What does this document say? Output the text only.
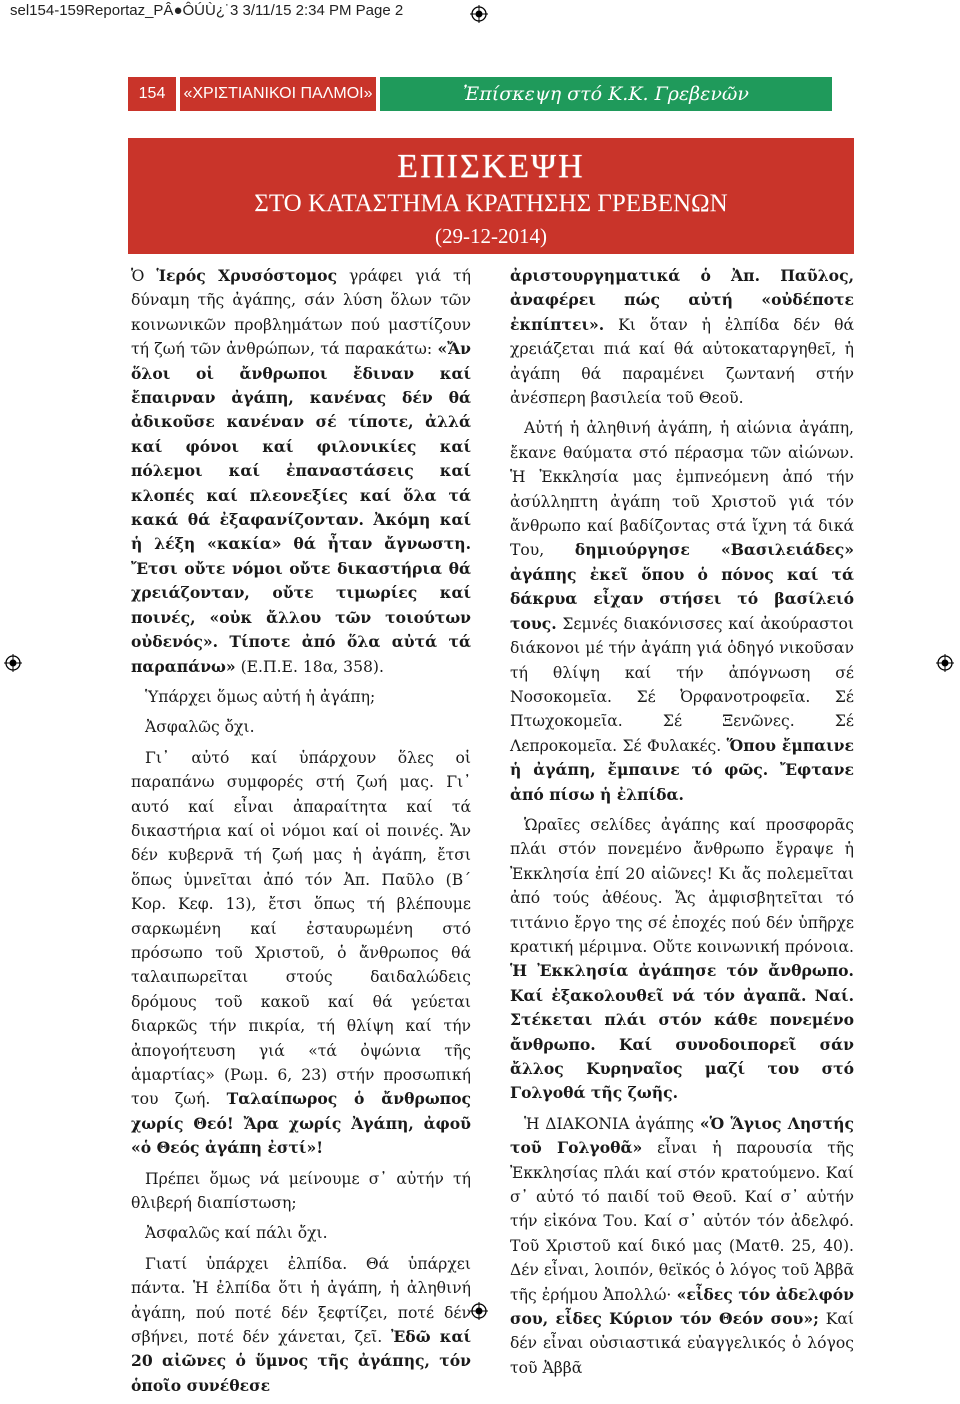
sel154-159Reportaz_PÂ●ÔÚÙ¿˙3 3/11/15 2:34 PM Page 2
154	«ΧΡΙΣΤΙΑΝΙΚΟΙ ΠΑΛΜΟΙ»	Ἐπίσκεψη στό Κ.Κ. Γρεβενῶν
ΕΠΙΣΚΕΨΗ
ΣΤΟ ΚΑΤΑΣΤΗΜΑ ΚΡΑΤΗΣΗΣ ΓΡΕΒΕΝΩΝ
(29-12-2014)

Ὁ Ἱερός Χρυσόστομος γράφει γιά τή δύναμη τῆς ἀγάπης, σάν λύση ὅλων τῶν κοινωνικῶν προβλημάτων πού μαστίζουν τή ζωή τῶν ἀνθρώπων, τά παρακάτω: «Ἄν ὅλοι οἱ ἄνθρωποι ἔδιναν καί ἔπαιρναν ἀγάπη, κανένας δέν θά ἀδικοῦσε κανέναν σέ τίποτε, ἀλλά καί φόνοι καί φιλονικίες καί πόλεμοι καί ἐπαναστάσεις καί κλοπές καί πλεονεξίες καί ὅλα τά κακά θά ἐξαφανίζονταν. Ἀκόμη καί ἡ λέξη «κακία» θά ἦταν ἄγνωστη. Ἔτσι οὔτε νόμοι οὔτε δικαστήρια θά χρειάζονταν, οὔτε τιμωρίες καί ποινές, «οὐκ ἄλλου τῶν τοιούτων οὐδενός». Τίποτε ἀπό ὅλα αὐτά τά παραπάνω» (Ε.Π.Ε. 18α, 358).

Ὑπάρχει ὅμως αὐτή ἡ ἀγάπη;

Ἀσφαλῶς ὄχι.

Γι᾽ αὐτό καί ὑπάρχουν ὅλες οἱ παραπάνω συμφορές στή ζωή μας. Γι᾽ αυτό καί εἶναι ἀπαραίτητα καί τά δικαστήρια καί οἱ νόμοι καί οἱ ποινές. Ἄν δέν κυβερνᾶ τή ζωή μας ἡ ἀγάπη, ἔτσι ὅπως ὑμνεῖται ἀπό τόν Ἀπ. Παῦλο (Β΄ Κορ. Κεφ. 13), ἔτσι ὅπως τή βλέπουμε σαρκωμένη καί ἐσταυρωμένη στό πρόσωπο τοῦ Χριστοῦ, ὁ ἄνθρωπος θά ταλαιπωρεῖται στούς δαιδαλώδεις δρόμους τοῦ κακοῦ καί θά γεύεται διαρκῶς τήν πικρία, τή θλίψη καί τήν ἀπογοήτευση γιά «τά ὀψώνια τῆς ἁμαρτίας» (Ρωμ. 6, 23) στήν προσωπική του ζωή. Ταλαίπωρος ὁ ἄνθρωπος χωρίς Θεό! Ἄρα χωρίς Ἀγάπη, ἀφοῦ «ὁ Θεός ἀγάπη ἐστί»!

Πρέπει ὅμως νά μείνουμε σ᾽ αὐτήν τή θλιβερή διαπίστωση;

Ἀσφαλῶς καί πάλι ὄχι.

Γιατί ὑπάρχει ἐλπίδα. Θά ὑπάρχει πάντα. Ἡ ἐλπίδα ὅτι ἡ ἀγάπη, ἡ ἀληθινή ἀγάπη, πού ποτέ δέν ξεφτίζει, ποτέ δέν σβήνει, ποτέ δέν χάνεται, ζεῖ. Ἐδῶ καί 20 αἰῶνες ὁ ὕμνος τῆς ἀγάπης, τόν ὁποῖο συνέθεσε

ἀριστουργηματικά ὁ Ἀπ. Παῦλος, ἀναφέρει πώς αὐτή «οὐδέποτε ἐκπίπτει». Κι ὅταν ἡ ἐλπίδα δέν θά χρειάζεται πιά καί θά αὐτοκαταργηθεῖ, ἡ ἀγάπη θά παραμένει ζωντανή στήν ἀνέσπερη βασιλεία τοῦ Θεοῦ.

Αὐτή ἡ ἀληθινή ἀγάπη, ἡ αἰώνια ἀγάπη, ἔκανε θαύματα στό πέρασμα τῶν αἰώνων. Ἡ Ἐκκλησία μας ἐμπνεόμενη ἀπό τήν ἀσύλληπτη ἀγάπη τοῦ Χριστοῦ γιά τόν ἄνθρωπο καί βαδίζοντας στά ἴχνη τά δικά Του, δημιούργησε «Βασιλειάδες» ἀγάπης ἐκεῖ ὅπου ὁ πόνος καί τά δάκρυα εἶχαν στήσει τό βασίλειό τους. Σεμνές διακόνισσες καί ἀκούραστοι διάκονοι μέ τήν ἀγάπη γιά ὁδηγό νικοῦσαν τή θλίψη καί τήν ἀπόγνωση σέ Νοσοκομεῖα. Σέ Ὀρφανοτροφεῖα. Σέ Πτωχοκομεῖα. Σέ Ξενῶνες. Σέ Λεπροκομεῖα. Σέ Φυλακές. Ὅπου ἔμπαινε ἡ ἀγάπη, ἔμπαινε τό φῶς. Ἔφτανε ἀπό πίσω ἡ ἐλπίδα.

Ὡραῖες σελίδες ἀγάπης καί προσφορᾶς πλάι στόν πονεμένο ἄνθρωπο ἔγραψε ἡ Ἐκκλησία ἐπί 20 αἰῶνες! Κι ἄς πολεμεῖται ἀπό τούς ἀθέους. Ἄς ἀμφισβητεῖται τό τιτάνιο ἔργο της σέ ἐποχές πού δέν ὑπῆρχε κρατική μέριμνα. Οὔτε κοινωνική πρόνοια. Ἡ Ἐκκλησία ἀγάπησε τόν ἄνθρωπο. Καί ἐξακολουθεῖ νά τόν ἀγαπᾶ. Ναί. Στέκεται πλάι στόν κάθε πονεμένο ἄνθρωπο. Καί συνοδοιπορεῖ σάν ἄλλος Κυρηναῖος μαζί του στό Γολγοθά τῆς ζωῆς.

Ἡ ΔΙΑΚΟΝΙΑ ἀγάπης «Ὁ Ἅγιος Ληστής τοῦ Γολγοθᾶ» εἶναι ἡ παρουσία τῆς Ἐκκλησίας πλάι καί στόν κρατούμενο. Καί σ᾽ αὐτό τό παιδί τοῦ Θεοῦ. Καί σ᾽ αὐτήν τήν εἰκόνα Του. Καί σ᾽ αὐτόν τόν ἀδελφό. Τοῦ Χριστοῦ καί δικό μας (Ματθ. 25, 40). Δέν εἶναι, λοιπόν, θεϊκός ὁ λόγος τοῦ Ἀββᾶ τῆς ἐρήμου Ἀπολλώ· «εἶδες τόν ἀδελφόν σου, εἶδες Κύριον τόν Θεόν σου»; Καί δέν εἶναι οὐσιαστικά εὐαγγελικός ὁ λόγος τοῦ Ἀββᾶ
